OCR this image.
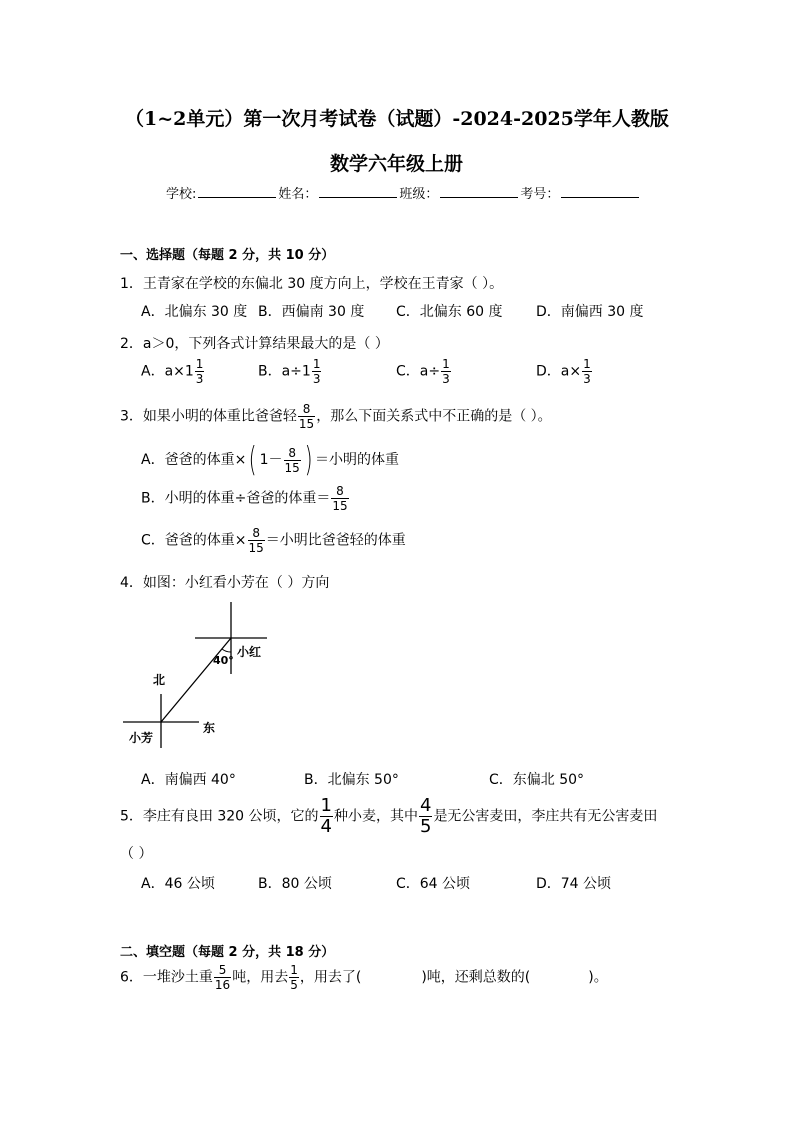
（1~2单元）第一次月考试卷（试题）-2024-2025学年人教版
数学六年级上册
学校:	姓名：	班级：	考号：
一、选择题（每题 2 分，共 10 分）
1．王青家在学校的东偏北 30 度方向上，学校在王青家（ ）。
A．北偏东 30 度 B．西偏南 30 度 C．北偏东 60 度 D．南偏西 30 度
2．a＞0，下列各式计算结果最大的是（ ）
A．$a\times 1 \frac{1}{3}$	B．$a\div 1 \frac{1}{3}$	C．$a\div \frac{1}{3}$	D．$a\times \frac{1}{3}$
3．如果小明的体重比爸爸轻 $\frac{8}{15}$ ，那么下面关系式中不正确的是（ ）。
A．爸爸的体重×( $1- \frac{8}{15}$ ) ＝小明的体重
B．小明的体重÷爸爸的体重＝ $\frac{8}{15}$
C．爸爸的体重× $\frac{8}{15}$ ＝小明比爸爸轻的体重
4．如图：小红看小芳在（ ）方向
40°
小红
北
东
小芳
A．南偏西 40°	B．北偏东 50°	C．东偏北 50°
5．李庄有良田 320 公顷，它的 $\frac{1}{4}$ 种小麦，其中 $\frac{4}{5}$ 是无公害麦田，李庄共有无公害麦田
（ ）
A．46 公顷	B．80 公顷	C．64 公顷	D．74 公顷
二、填空题（每题 2 分，共 18 分）
6．一堆沙土重 $\frac{5}{16}$ 吨，用去 $\frac{1}{5}$ ，用去了(	)吨，还剩总数的(	)。
